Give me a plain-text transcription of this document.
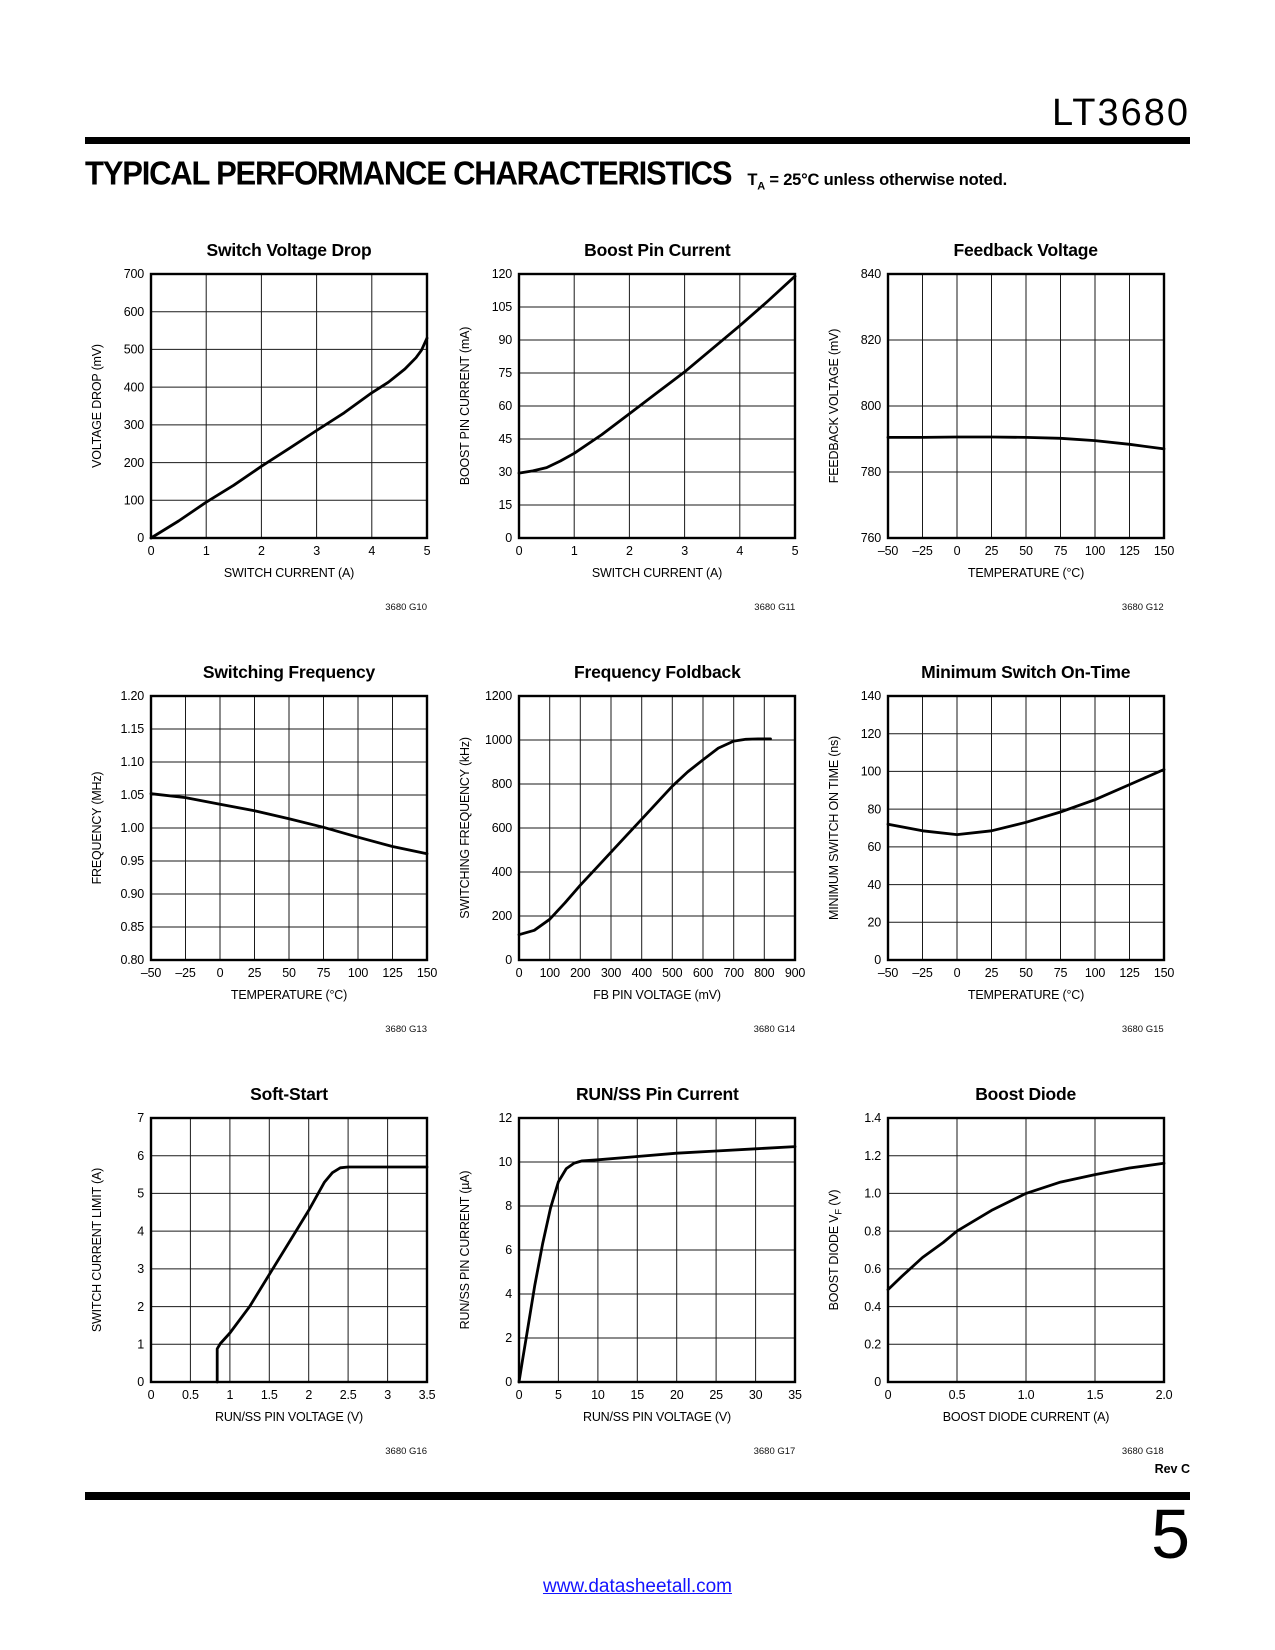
LT3680
TYPICAL PERFORMANCE CHARACTERISTICS $T_A = 25^\circ C$ unless otherwise noted.
Switch Voltage Drop
0	1	2	3	4	5
0
100
200
300
400
500
600
700
VOLTAGE DROP (mV)
SWITCH CURRENT (A)
3680 G10
Boost Pin Current
0	1	2	3	4	5
0
15
30
45
60
75
90
105
120
BOOST PIN CURRENT (mA)
SWITCH CURRENT (A)
3680 G11
Feedback Voltage
–50 –25 0 25 50 75 100 125 150
760
780
800
820
840
FEEDBACK VOLTAGE (mV)
TEMPERATURE (°C)
3680 G12
Switching Frequency
–50 –25 0 25 50 75 100 125 150
0.80
0.85
0.90
0.95
1.00
1.05
1.10
1.15
1.20
FREQUENCY (MHz)
TEMPERATURE (°C)
3680 G13
Frequency Foldback
0 100 200 300 400 500 600 700 800 900
0
200
400
600
800
1000
1200
SWITCHING FREQUENCY (kHz)
FB PIN VOLTAGE (mV)
3680 G14
Minimum Switch On-Time
–50 –25 0 25 50 75 100 125 150
0
20
40
60
80
100
120
140
MINIMUM SWITCH ON TIME (ns)
TEMPERATURE (°C)
3680 G15
Soft-Start
0 0.5 1 1.5 2 2.5 3 3.5
0
1
2
3
4
5
6
7
SWITCH CURRENT LIMIT (A)
RUN/SS PIN VOLTAGE (V)
3680 G16
RUN/SS Pin Current
0	5 10 15 20 25 30 35
0
2
4
6
8
10
12
RUN/SS PIN CURRENT (µA)
RUN/SS PIN VOLTAGE (V)
3680 G17
Boost Diode
0	0.5	1.0	1.5	2.0
0
0.2
0.4
0.6
0.8
1.0
1.2
1.4
BOOST DIODE $V_F$ (V)
BOOST DIODE CURRENT (A)
3680 G18
Rev C
5
www.datasheetall.com
